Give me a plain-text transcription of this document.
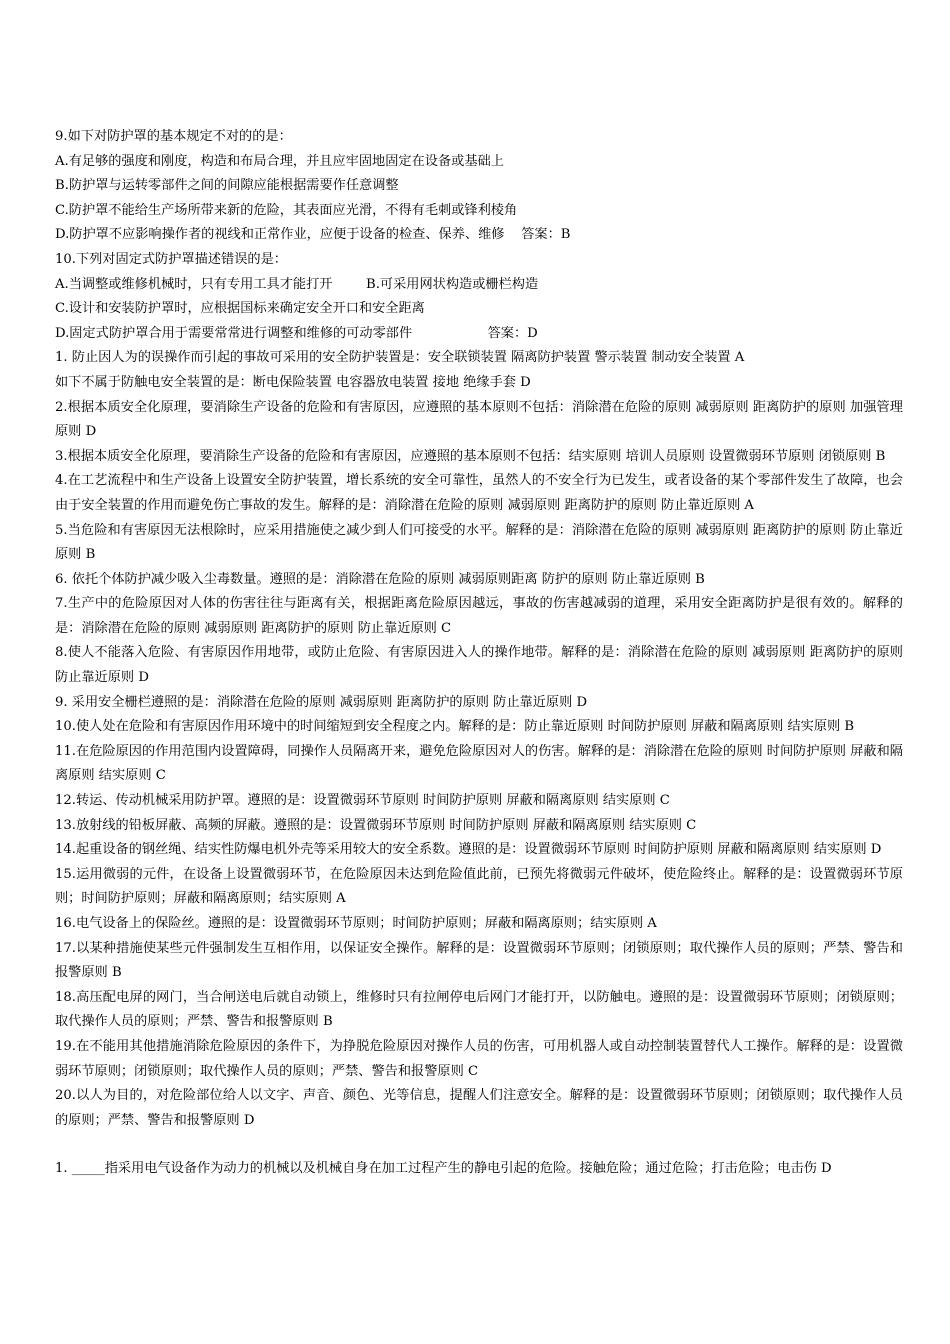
9.如下对防护罩的基本规定不对的的是：
A.有足够的强度和刚度，构造和布局合理，并且应牢固地固定在设备或基础上
B.防护罩与运转零部件之间的间隙应能根据需要作任意调整
C.防护罩不能给生产场所带来新的危险，其表面应光滑，不得有毛刺或锋利棱角
D.防护罩不应影响操作者的视线和正常作业，应便于设备的检查、保养、维修    答案：B
10.下列对固定式防护罩描述错误的是：
A.当调整或维修机械时，只有专用工具才能打开        B.可采用网状构造或栅栏构造
C.设计和安装防护罩时，应根据国标来确定安全开口和安全距离
D.固定式防护罩合用于需要常常进行调整和维修的可动零部件                  答案：D
1. 防止因人为的误操作而引起的事故可采用的安全防护装置是：安全联锁装置 隔离防护装置 警示装置 制动安全装置 A
如下不属于防触电安全装置的是：断电保险装置 电容器放电装置 接地 绝缘手套 D
2.根据本质安全化原理，要消除生产设备的危险和有害原因，应遵照的基本原则不包括：消除潜在危险的原则 减弱原则 距离防护的原则 加强管理原则 D
3.根据本质安全化原理，要消除生产设备的危险和有害原因，应遵照的基本原则不包括：结实原则 培训人员原则 设置微弱环节原则 闭锁原则 B
4.在工艺流程中和生产设备上设置安全防护装置，增长系统的安全可靠性，虽然人的不安全行为已发生，或者设备的某个零部件发生了故障，也会由于安全装置的作用而避免伤亡事故的发生。解释的是：消除潜在危险的原则 减弱原则 距离防护的原则 防止靠近原则 A
5.当危险和有害原因无法根除时，应采用措施使之减少到人们可接受的水平。解释的是：消除潜在危险的原则 减弱原则 距离防护的原则 防止靠近原则 B
6. 依托个体防护减少吸入尘毒数量。遵照的是：消除潜在危险的原则 减弱原则距离 防护的原则 防止靠近原则 B
7.生产中的危险原因对人体的伤害往往与距离有关，根据距离危险原因越远，事故的伤害越减弱的道理，采用安全距离防护是很有效的。解释的是：消除潜在危险的原则 减弱原则 距离防护的原则 防止靠近原则 C
8.使人不能落入危险、有害原因作用地带，或防止危险、有害原因进入人的操作地带。解释的是：消除潜在危险的原则 减弱原则 距离防护的原则 防止靠近原则 D
9. 采用安全栅栏遵照的是：消除潜在危险的原则 减弱原则 距离防护的原则 防止靠近原则 D
10.使人处在危险和有害原因作用环境中的时间缩短到安全程度之内。解释的是：防止靠近原则 时间防护原则 屏蔽和隔离原则 结实原则 B
11.在危险原因的作用范围内设置障碍，同操作人员隔离开来，避免危险原因对人的伤害。解释的是：消除潜在危险的原则 时间防护原则 屏蔽和隔离原则 结实原则 C
12.转运、传动机械采用防护罩。遵照的是：设置微弱环节原则 时间防护原则 屏蔽和隔离原则 结实原则 C
13.放射线的铅板屏蔽、高频的屏蔽。遵照的是：设置微弱环节原则 时间防护原则 屏蔽和隔离原则 结实原则 C
14.起重设备的钢丝绳、结实性防爆电机外壳等采用较大的安全系数。遵照的是：设置微弱环节原则 时间防护原则 屏蔽和隔离原则 结实原则 D
15.运用微弱的元件，在设备上设置微弱环节，在危险原因未达到危险值此前，已预先将微弱元件破坏，使危险终止。解释的是：设置微弱环节原则；时间防护原则；屏蔽和隔离原则；结实原则 A
16.电气设备上的保险丝。遵照的是：设置微弱环节原则；时间防护原则；屏蔽和隔离原则；结实原则 A
17.以某种措施使某些元件强制发生互相作用，以保证安全操作。解释的是：设置微弱环节原则；闭锁原则；取代操作人员的原则；严禁、警告和报警原则 B
18.高压配电屏的网门，当合闸送电后就自动锁上，维修时只有拉闸停电后网门才能打开，以防触电。遵照的是：设置微弱环节原则；闭锁原则；取代操作人员的原则；严禁、警告和报警原则 B
19.在不能用其他措施消除危险原因的条件下，为挣脱危险原因对操作人员的伤害，可用机器人或自动控制装置替代人工操作。解释的是：设置微弱环节原则；闭锁原则；取代操作人员的原则；严禁、警告和报警原则 C
20.以人为目的，对危险部位给人以文字、声音、颜色、光等信息，提醒人们注意安全。解释的是：设置微弱环节原则；闭锁原则；取代操作人员的原则；严禁、警告和报警原则 D
1. _____指采用电气设备作为动力的机械以及机械自身在加工过程产生的静电引起的危险。接触危险；通过危险；打击危险；电击伤 D
